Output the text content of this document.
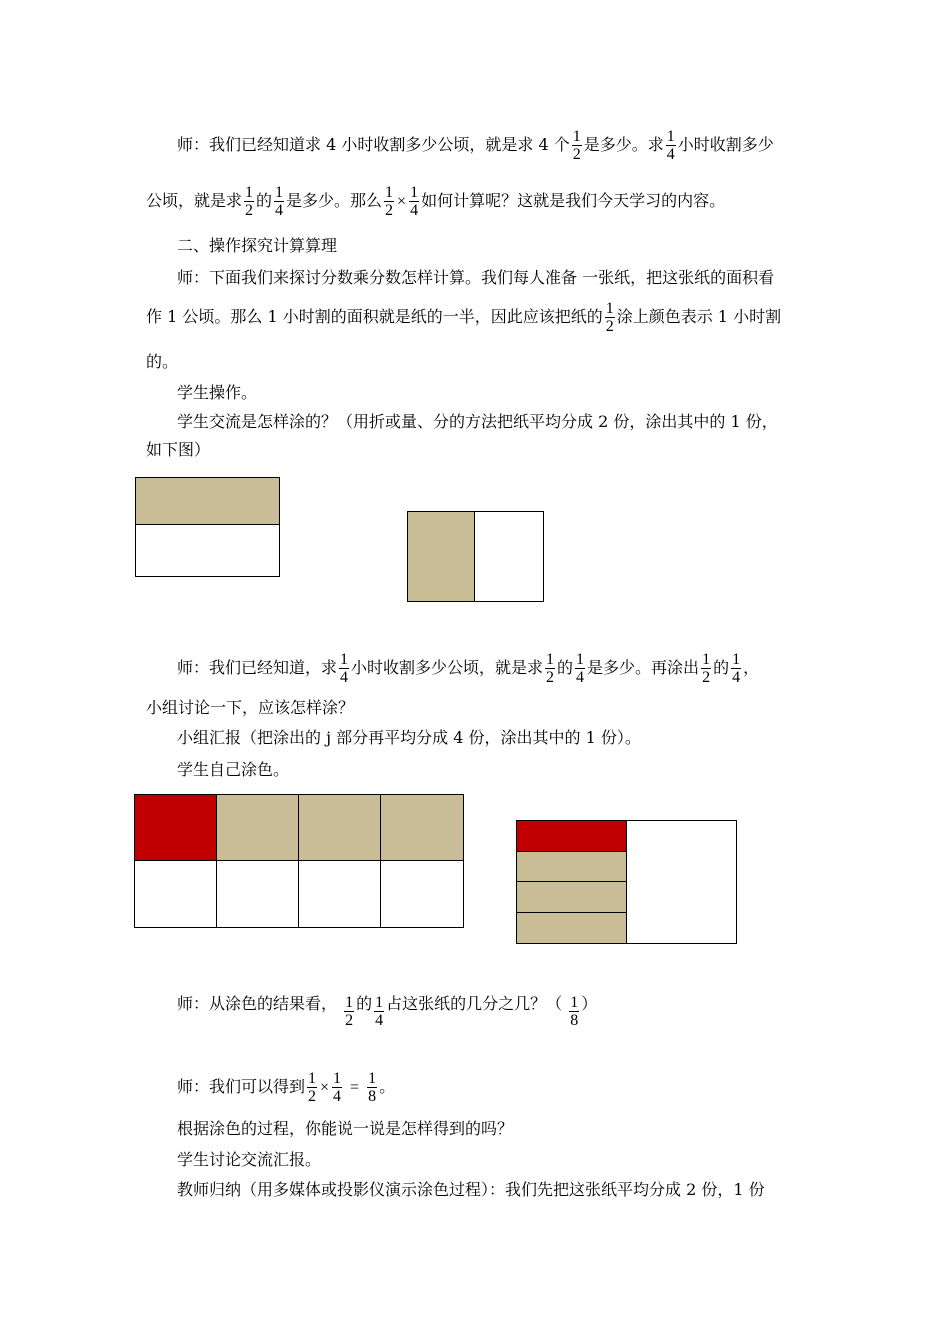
师：我们已经知道求 4 小时收割多少公顷，就是求 4 个 $\frac{1}{2}$ 是多少。求 $\frac{1}{4}$ 小时收割多少
公顷，就是求 $\frac{1}{2}$ 的 $\frac{1}{4}$ 是多少。那么 $\frac{1}{2} \times \frac{1}{4}$ 如何计算呢？这就是我们今天学习的内容。
二、操作探究计算算理
师：下面我们来探讨分数乘分数怎样计算。我们每人准备 一张纸，把这张纸的面积看
作 1 公顷。那么 1 小时割的面积就是纸的一半，因此应该把纸的 $\frac{1}{2}$ 涂上颜色表示 1 小时割
的。
学生操作。
学生交流是怎样涂的？（用折或量、分的方法把纸平均分成 2 份，涂出其中的 1 份，
如下图）
师：我们已经知道，求 $\frac{1}{4}$ 小时收割多少公顷，就是求 $\frac{1}{2}$ 的 $\frac{1}{4}$ 是多少。再涂出 $\frac{1}{2}$ 的 $\frac{1}{4}$ ，
小组讨论一下，应该怎样涂？
小组汇报（把涂出的 j 部分再平均分成 4 份，涂出其中的 1 份）。
学生自己涂色。
师：从涂色的结果看， $\frac{1}{2}$ 的 $\frac{1}{4}$ 占这张纸的几分之几？（ $\frac{1}{8}$ ）
师：我们可以得到 $\frac{1}{2} \times \frac{1}{4} = \frac{1}{8}$ 。
根据涂色的过程，你能说一说是怎样得到的吗？
学生讨论交流汇报。
教师归纳（用多媒体或投影仪演示涂色过程）：我们先把这张纸平均分成 2 份，1 份
